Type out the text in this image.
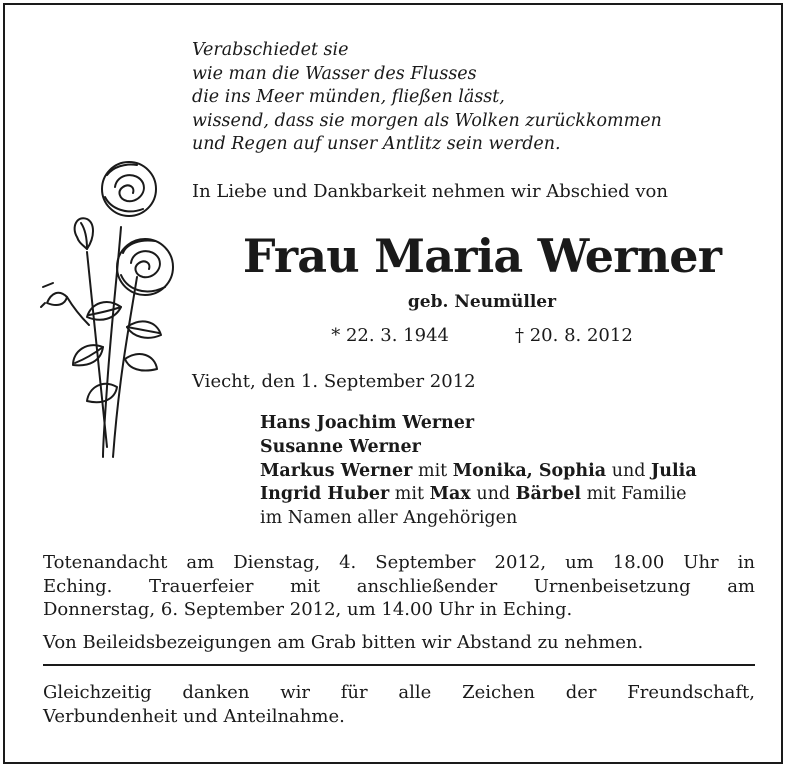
Verabschiedet sie
wie man die Wasser des Flusses
die ins Meer münden, fließen lässt,
wissend, dass sie morgen als Wolken zurückkommen
und Regen auf unser Antlitz sein werden.
In Liebe und Dankbarkeit nehmen wir Abschied von
Frau Maria Werner
geb. Neumüller
* 22. 3. 1944	† 20. 8. 2012
Viecht, den 1. September 2012
Hans Joachim Werner
Susanne Werner
Markus Werner mit Monika, Sophia und Julia
Ingrid Huber mit Max und Bärbel mit Familie
im Namen aller Angehörigen
Totenandacht am Dienstag, 4. September 2012, um 18.00 Uhr in
Eching. Trauerfeier mit anschließender Urnenbeisetzung am
Donnerstag, 6. September 2012, um 14.00 Uhr in Eching.
Von Beileidsbezeigungen am Grab bitten wir Abstand zu nehmen.
Gleichzeitig danken wir für alle Zeichen der Freundschaft,
Verbundenheit und Anteilnahme.
